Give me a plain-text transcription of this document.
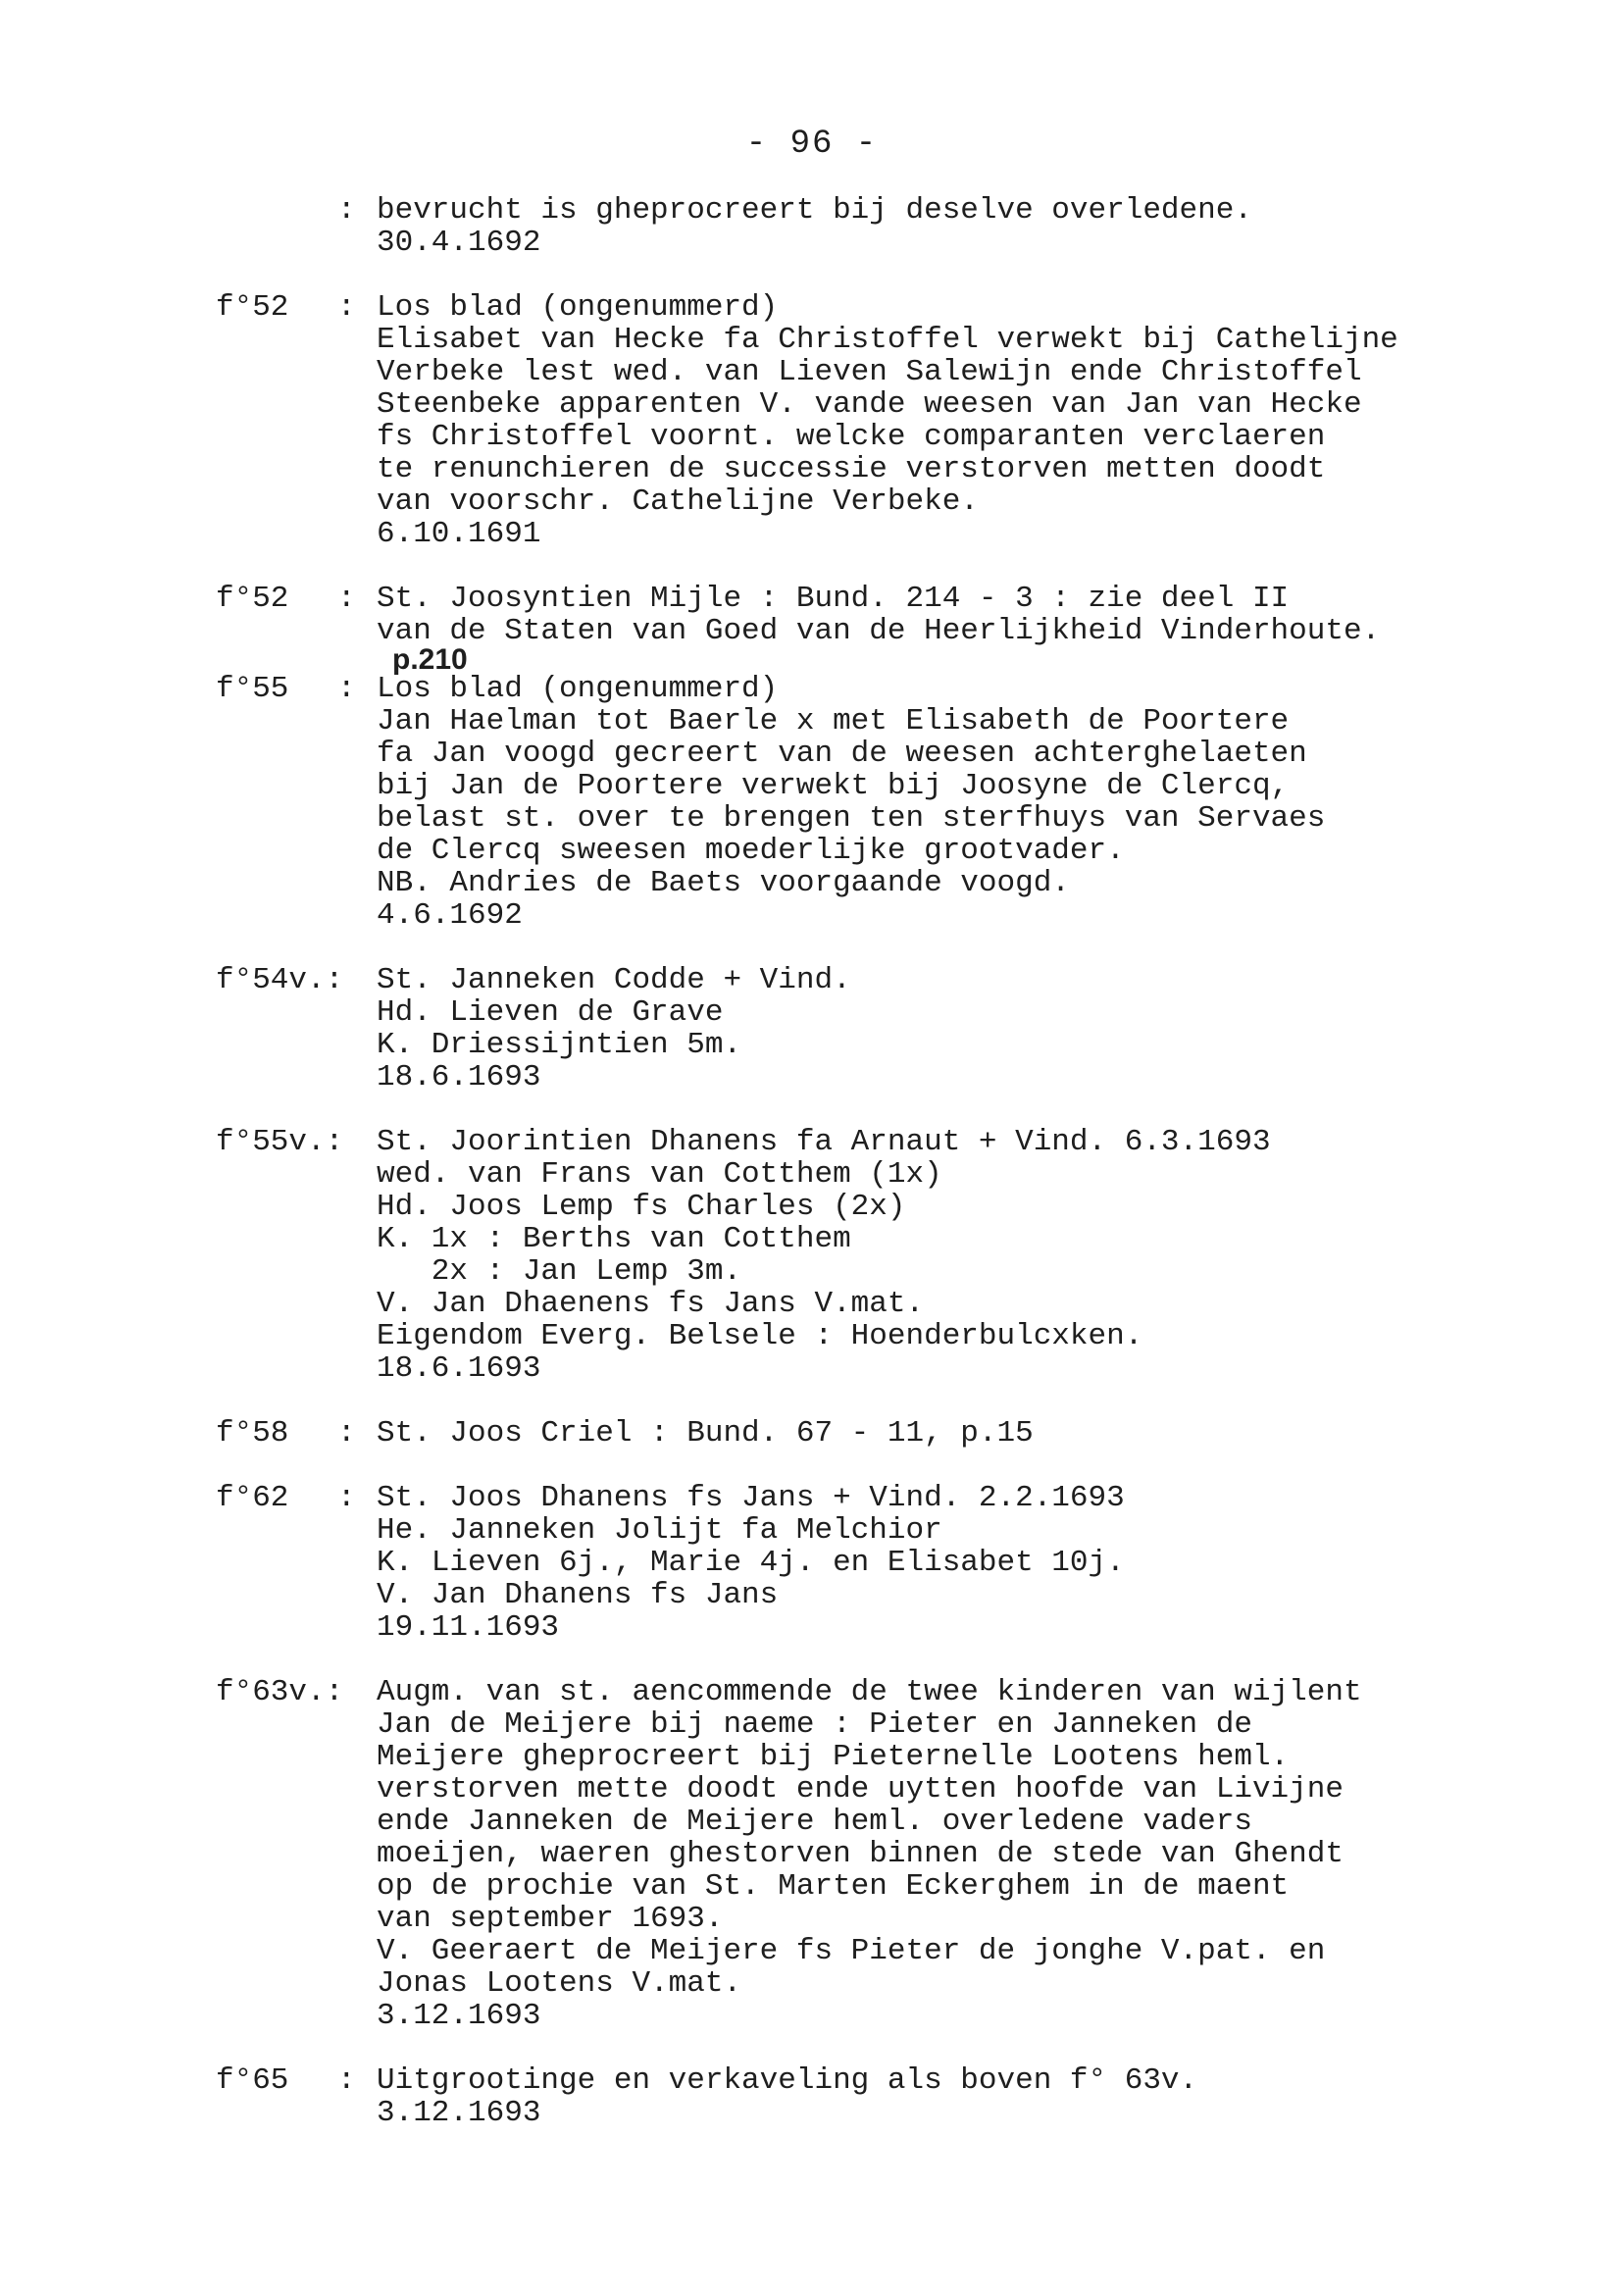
- 96 -
: bevrucht is gheprocreert bij deselve overledene.
30.4.1692
f°52	: Los blad (ongenummerd)
Elisabet van Hecke fa Christoffel verwekt bij Cathelijne
Verbeke lest wed. van Lieven Salewijn ende Christoffel
Steenbeke apparenten V. vande weesen van Jan van Hecke
fs Christoffel voornt. welcke comparanten verclaeren
te renunchieren de successie verstorven metten doodt
van voorschr. Cathelijne Verbeke.
6.10.1691
f°52	: St. Joosyntien Mijle : Bund. 214 - 3 : zie deel II
van de Staten van Goed van de Heerlijkheid Vinderhoute.
p.210
f°55	: Los blad (ongenummerd)
Jan Haelman tot Baerle x met Elisabeth de Poortere
fa Jan voogd gecreert van de weesen achterghelaeten
bij Jan de Poortere verwekt bij Joosyne de Clercq,
belast st. over te brengen ten sterfhuys van Servaes
de Clercq sweesen moederlijke grootvader.
NB. Andries de Baets voorgaande voogd.
4.6.1692
f°54v.:	St. Janneken Codde + Vind.
Hd. Lieven de Grave
K. Driessijntien 5m.
18.6.1693
f°55v.:	St. Joorintien Dhanens fa Arnaut + Vind. 6.3.1693
wed. van Frans van Cotthem (1x)
Hd. Joos Lemp fs Charles (2x)
K. 1x : Berths van Cotthem
2x : Jan Lemp 3m.
V. Jan Dhaenens fs Jans V.mat.
Eigendom Everg. Belsele : Hoenderbulcxken.
18.6.1693
f°58	: St. Joos Criel : Bund. 67 - 11, p.15
f°62	: St. Joos Dhanens fs Jans + Vind. 2.2.1693
He. Janneken Jolijt fa Melchior
K. Lieven 6j., Marie 4j. en Elisabet 10j.
V. Jan Dhanens fs Jans
19.11.1693
f°63v.:	Augm. van st. aencommende de twee kinderen van wijlent
Jan de Meijere bij naeme : Pieter en Janneken de
Meijere gheprocreert bij Pieternelle Lootens heml.
verstorven mette doodt ende uytten hoofde van Livijne
ende Janneken de Meijere heml. overledene vaders
moeijen, waeren ghestorven binnen de stede van Ghendt
op de prochie van St. Marten Eckerghem in de maent
van september 1693.
V. Geeraert de Meijere fs Pieter de jonghe V.pat. en
Jonas Lootens V.mat.
3.12.1693
f°65	: Uitgrootinge en verkaveling als boven f° 63v.
3.12.1693
